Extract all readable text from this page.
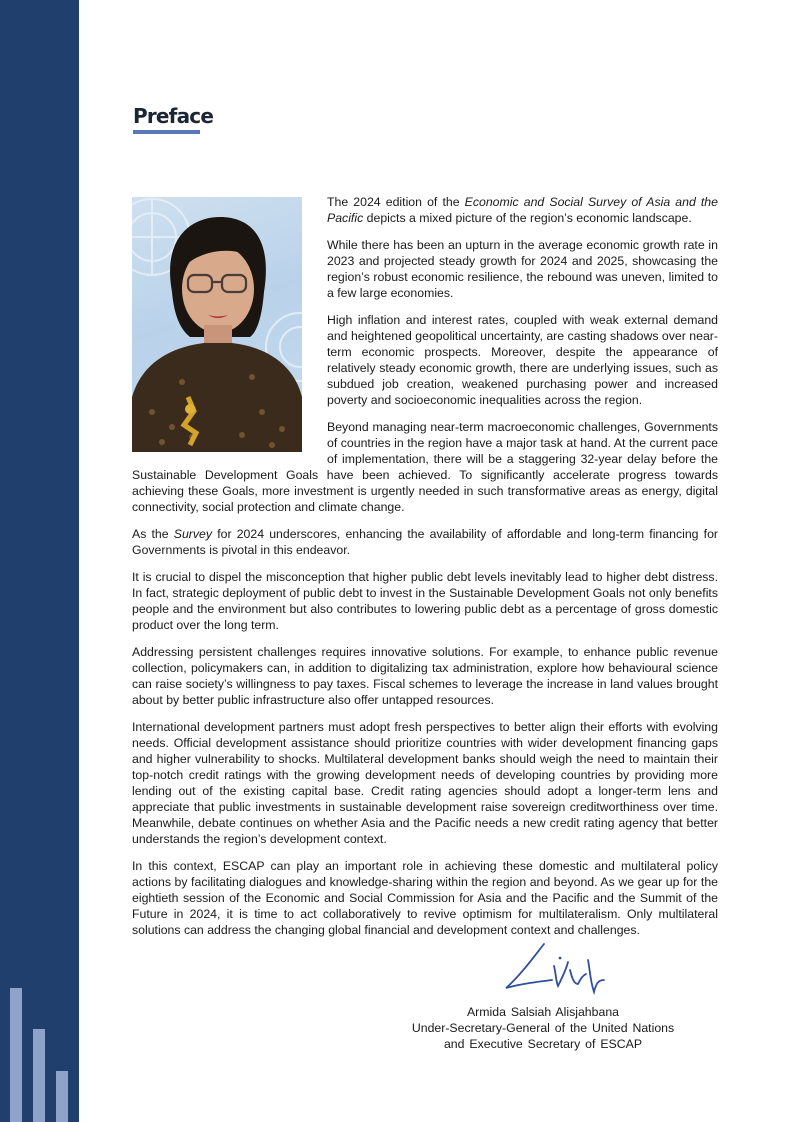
Preface

The 2024 edition of the Economic and Social Survey of Asia and the Pacific depicts a mixed picture of the region’s economic landscape.

While there has been an upturn in the average economic growth rate in 2023 and projected steady growth for 2024 and 2025, showcasing the region’s robust economic resilience, the rebound was uneven, limited to a few large economies.

High inflation and interest rates, coupled with weak external demand and heightened geopolitical uncertainty, are casting shadows over near-term economic prospects. Moreover, despite the appearance of relatively steady economic growth, there are underlying issues, such as subdued job creation, weakened purchasing power and increased poverty and socioeconomic inequalities across the region.

Beyond managing near-term macroeconomic challenges, Governments of countries in the region have a major task at hand. At the current pace of implementation, there will be a staggering 32-year delay before the Sustainable Development Goals have been achieved. To significantly accelerate progress towards achieving these Goals, more investment is urgently needed in such transformative areas as energy, digital connectivity, social protection and climate change.

As the Survey for 2024 underscores, enhancing the availability of affordable and long-term financing for Governments is pivotal in this endeavor.

It is crucial to dispel the misconception that higher public debt levels inevitably lead to higher debt distress. In fact, strategic deployment of public debt to invest in the Sustainable Development Goals not only benefits people and the environment but also contributes to lowering public debt as a percentage of gross domestic product over the long term.

Addressing persistent challenges requires innovative solutions. For example, to enhance public revenue collection, policymakers can, in addition to digitalizing tax administration, explore how behavioural science can raise society’s willingness to pay taxes. Fiscal schemes to leverage the increase in land values brought about by better public infrastructure also offer untapped resources.

International development partners must adopt fresh perspectives to better align their efforts with evolving needs. Official development assistance should prioritize countries with wider development financing gaps and higher vulnerability to shocks. Multilateral development banks should weigh the need to maintain their top-notch credit ratings with the growing development needs of developing countries by providing more lending out of the existing capital base. Credit rating agencies should adopt a longer-term lens and appreciate that public investments in sustainable development raise sovereign creditworthiness over time. Meanwhile, debate continues on whether Asia and the Pacific needs a new credit rating agency that better understands the region’s development context.

In this context, ESCAP can play an important role in achieving these domestic and multilateral policy actions by facilitating dialogues and knowledge-sharing within the region and beyond. As we gear up for the eightieth session of the Economic and Social Commission for Asia and the Pacific and the Summit of the Future in 2024, it is time to act collaboratively to revive optimism for multilateralism. Only multilateral solutions can address the changing global financial and development context and challenges.

Armida Salsiah Alisjahbana
Under-Secretary-General of the United Nations
and Executive Secretary of ESCAP
